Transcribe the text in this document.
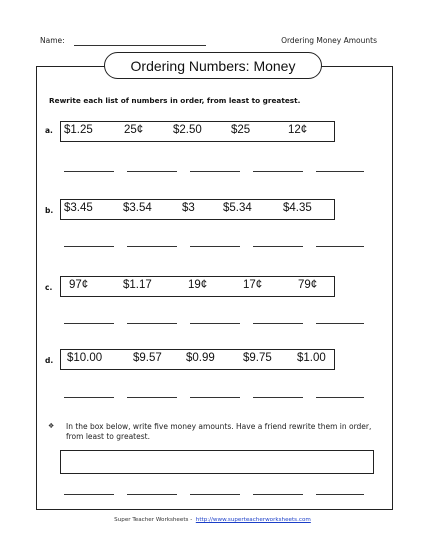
Name:	Ordering Money Amounts
Ordering Numbers: Money
Rewrite each list of numbers in order, from least to greatest.
a. $1.25	25¢	$2.50	$25	12¢
b. $3.45	$3.54	$3 $5.34	$4.35
c. 97¢	$1.17	19¢	17¢	79¢
d. $10.00	$9.57 $0.99 $9.75 $1.00
❖ In the box below, write five money amounts. Have a friend rewrite them in order, from least to greatest.
Super Teacher Worksheets -  http://www.superteacherworksheets.com
